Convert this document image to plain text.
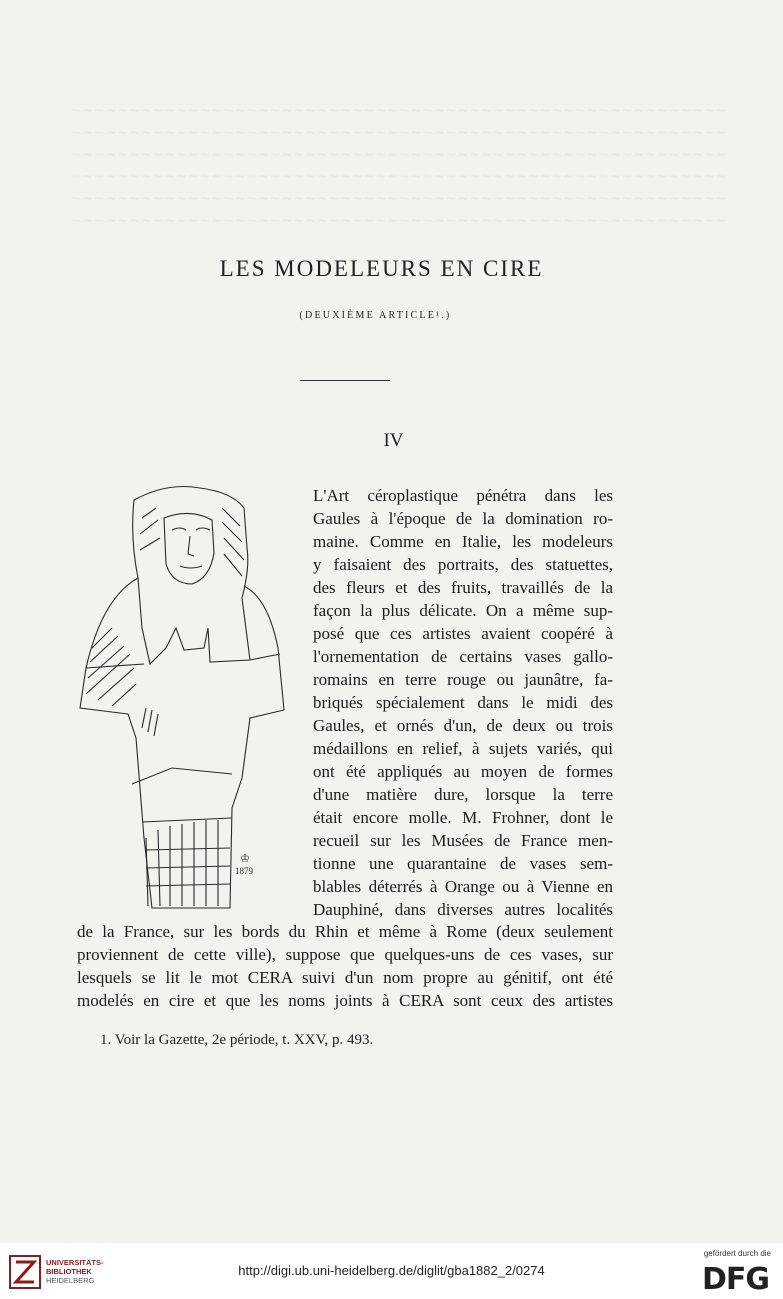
~~~~~~~~~~~~~~~~~~~~~~~~~~~~~~~~~~~~~~~~~~~~~~~~~~~~~~~~
~~~~~~~~~~~~~~~~~~~~~~~~~~~~~~~~~~~~~~~~~~~~~~~~~~~~~~~~
~~~~~~~~~~~~~~~~~~~~~~~~~~~~~~~~~~~~~~~~~~~~~~~~~~~~~~~~
~~~~~~~~~~~~~~~~~~~~~~~~~~~~~~~~~~~~~~~~~~~~~~~~~~~~~~~~
~~~~~~~~~~~~~~~~~~~~~~~~~~~~~~~~~~~~~~~~~~~~~~~~~~~~~~~~
~~~~~~~~~~~~~~~~~~~~~~~~~~~~~~~~~~~~~~~~~~~~~~~~~~~~~~~~
LES MODELEURS EN CIRE
(DEUXIÈME ARTICLE¹.)
IV
1879
♔
L'Art céroplastique pénétra dans les
Gaules à l'époque de la domination ro-
maine. Comme en Italie, les modeleurs
y faisaient des portraits, des statuettes,
des fleurs et des fruits, travaillés de la
façon la plus délicate. On a même sup-
posé que ces artistes avaient coopéré à
l'ornementation de certains vases gallo-
romains en terre rouge ou jaunâtre, fa-
briqués spécialement dans le midi des
Gaules, et ornés d'un, de deux ou trois
médaillons en relief, à sujets variés, qui
ont été appliqués au moyen de formes
d'une matière dure, lorsque la terre
était encore molle. M. Frohner, dont le
recueil sur les Musées de France men-
tionne une quarantaine de vases sem-
blables déterrés à Orange ou à Vienne en
Dauphiné, dans diverses autres localités
de la France, sur les bords du Rhin et même à Rome (deux seulement
proviennent de cette ville), suppose que quelques-uns de ces vases, sur
lesquels se lit le mot CERA suivi d'un nom propre au génitif, ont été
modelés en cire et que les noms joints à CERA sont ceux des artistes
1. Voir la Gazette, 2e période, t. XXV, p. 493.
UNIVERSITÄTS-
BIBLIOTHEK
HEIDELBERG
http://digi.ub.uni-heidelberg.de/diglit/gba1882_2/0274
gefördert durch die
DFG
